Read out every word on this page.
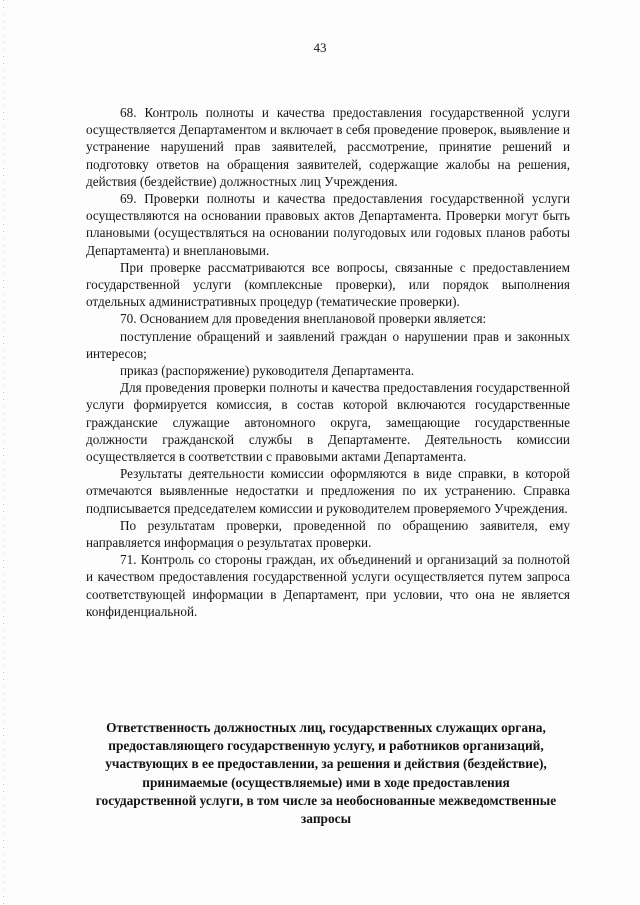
43

68. Контроль полноты и качества предоставления государственной услуги осуществляется Департаментом и включает в себя проведение проверок, выявление и устранение нарушений прав заявителей, рассмотрение, принятие решений и подготовку ответов на обращения заявителей, содержащие жалобы на решения, действия (бездействие) должностных лиц Учреждения.

69. Проверки полноты и качества предоставления государственной услуги осуществляются на основании правовых актов Департамента. Проверки могут быть плановыми (осуществляться на основании полугодовых или годовых планов работы Департамента) и внеплановыми.

При проверке рассматриваются все вопросы, связанные с предоставлением государственной услуги (комплексные проверки), или порядок выполнения отдельных административных процедур (тематические проверки).

70. Основанием для проведения внеплановой проверки является:

поступление обращений и заявлений граждан о нарушении прав и законных интересов;

приказ (распоряжение) руководителя Департамента.

Для проведения проверки полноты и качества предоставления государственной услуги формируется комиссия, в состав которой включаются государственные гражданские служащие автономного округа, замещающие государственные должности гражданской службы в Департаменте. Деятельность комиссии осуществляется в соответствии с правовыми актами Департамента.

Результаты деятельности комиссии оформляются в виде справки, в которой отмечаются выявленные недостатки и предложения по их устранению. Справка подписывается председателем комиссии и руководителем проверяемого Учреждения.

По результатам проверки, проведенной по обращению заявителя, ему направляется информация о результатах проверки.

71. Контроль со стороны граждан, их объединений и организаций за полнотой и качеством предоставления государственной услуги осуществляется путем запроса соответствующей информации в Департамент, при условии, что она не является конфиденциальной.

Ответственность должностных лиц, государственных служащих органа, предоставляющего государственную услугу, и работников организаций, участвующих в ее предоставлении, за решения и действия (бездействие), принимаемые (осуществляемые) ими в ходе предоставления государственной услуги, в том числе за необоснованные межведомственные запросы
